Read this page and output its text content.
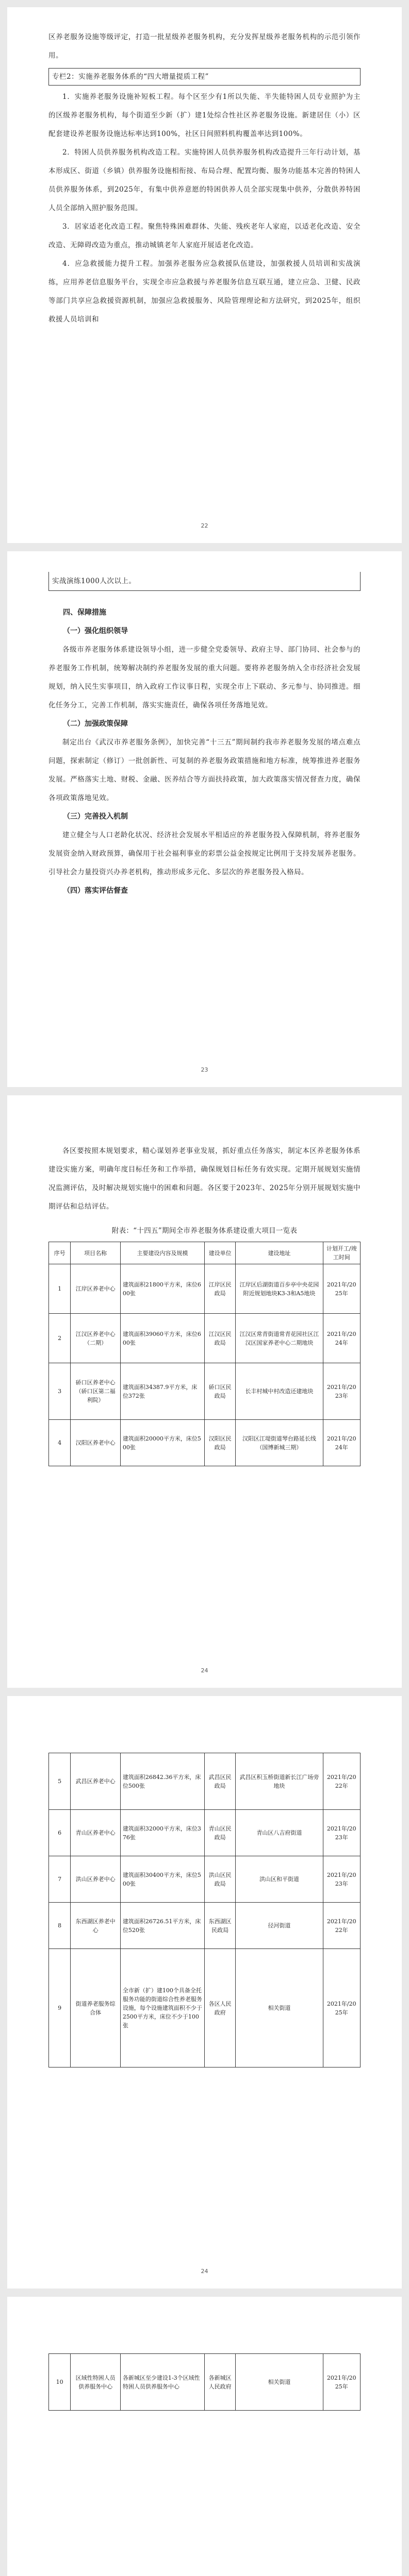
区养老服务设施等级评定，打造一批星级养老服务机构，充分发挥星级养老服务机构的示范引领作用。

专栏2：实施养老服务体系的“四大增量提质工程”

1．实施养老服务设施补短板工程。每个区至少有1所以失能、半失能特困人员专业照护为主的区级养老服务机构，每个街道至少新（扩）建1处综合性社区养老服务设施。新建居住（小）区配套建设养老服务设施达标率达到100%，社区日间照料机构覆盖率达到100%。

2．特困人员供养服务机构改造工程。实施特困人员供养服务机构改造提升三年行动计划，基本形成区、街道（乡镇）供养服务设施相衔接、布局合理、配置均衡、服务功能基本完善的特困人员供养服务体系，到2025年，有集中供养意愿的特困供养人员全部实现集中供养，分散供养特困人员全部纳入照护服务范围。

3．居家适老化改造工程。聚焦特殊困难群体、失能、残疾老年人家庭，以适老化改造、安全改造、无障碍改造为重点，推动城镇老年人家庭开展适老化改造。

4．应急救援能力提升工程。加强养老服务应急救援队伍建设，加强救援人员培训和实战演练，应用养老信息服务平台，实现全市应急救援与养老服务信息互联互通，建立应急、卫健、民政等部门共享应急救援资源机制，加强应急救援服务、风险管理理论和方法研究，到2025年，组织救援人员培训和

22

实战演练1000人次以上。

四、保障措施

（一）强化组织领导

各级市养老服务体系建设领导小组，进一步健全党委领导、政府主导、部门协同、社会参与的养老服务工作机制，统筹解决制约养老服务发展的重大问题。要将养老服务纳入全市经济社会发展规划，纳入民生实事项目，纳入政府工作议事日程，实现全市上下联动、多元参与、协同推进。细化任务分工，完善工作机制，落实实施责任，确保各项任务落地见效。

（二）加强政策保障

制定出台《武汉市养老服务条例》，加快完善“十三五”期间制约我市养老服务发展的堵点难点问题，探索制定（修订）一批创新性、可复制的养老服务政策措施和地方标准，统筹推进养老服务发展。严格落实土地、财税、金融、医养结合等方面扶持政策，加大政策落实情况督查力度，确保各项政策落地见效。

（三）完善投入机制

建立健全与人口老龄化状况、经济社会发展水平相适应的养老服务投入保障机制，将养老服务发展资金纳入财政预算，确保用于社会福利事业的彩票公益金按规定比例用于支持发展养老服务。引导社会力量投资兴办养老机构，推动形成多元化、多层次的养老服务投入格局。

（四）落实评估督查

23

各区要按照本规划要求，精心谋划养老事业发展，抓好重点任务落实，制定本区养老服务体系建设实施方案，明确年度目标任务和工作举措，确保规划目标任务有效实现。定期开展规划实施情况监测评估，及时解决规划实施中的困难和问题。各区要于2023年、2025年分别开展规划实施中期评估和总结评估。

附表：“十四五”期间全市养老服务体系建设重大项目一览表

序号	项目名称	主要建设内容及规模	建设单位	建设地址	计划开工/竣工时间
1	江岸区养老中心	建筑面积21800平方米，床位600张	江岸区民政局	江岸区后湖街道百步亭中央花园附近规划地块K3-3和A5地块	2021年/2025年
2	江汉区养老中心（二期）	建筑面积39060平方米，床位600张	江汉区民政局	江汉区常青街道常青花园社区江汉区国家养老中心二期地块	2021年/2024年
3	硚口区养老中心（硚口区第二福利院）	建筑面积34387.9平方米，床位372张	硚口区民政局	长丰村城中村改造还建地块	2021年/2023年
4	汉阳区养老中心	建筑面积20000平方米，床位500张	汉阳区民政局	汉阳区江堤街道琴台路延长线（国博新城三期）	2021年/2024年
24
5	武昌区养老中心	建筑面积26842.36平方米，床位500张	武昌区民政局	武昌区积玉桥街道新长江广场旁地块	2021年/2022年
6	青山区养老中心	建筑面积32000平方米，床位376张	青山区民政局	青山区八吉府街道	2021年/2023年
7	洪山区养老中心	建筑面积30400平方米，床位500张	洪山区民政局	洪山区和平街道	2021年/2023年
8	东西湖区养老中心	建筑面积26726.51平方米，床位520张	东西湖区民政局	径河街道	2021年/2022年
9	街道养老服务综合体	全市新（扩）建100个具备全托服务功能的街道综合性养老服务设施，每个设施建筑面积不少于2500平方米，床位不少于100张	各区人民政府	相关街道	2021年/2025年
24
10	区域性特困人员供养服务中心	各新城区至少建设1-3个区域性特困人员供养服务中心	各新城区人民政府	相关街道	2021年/2025年
